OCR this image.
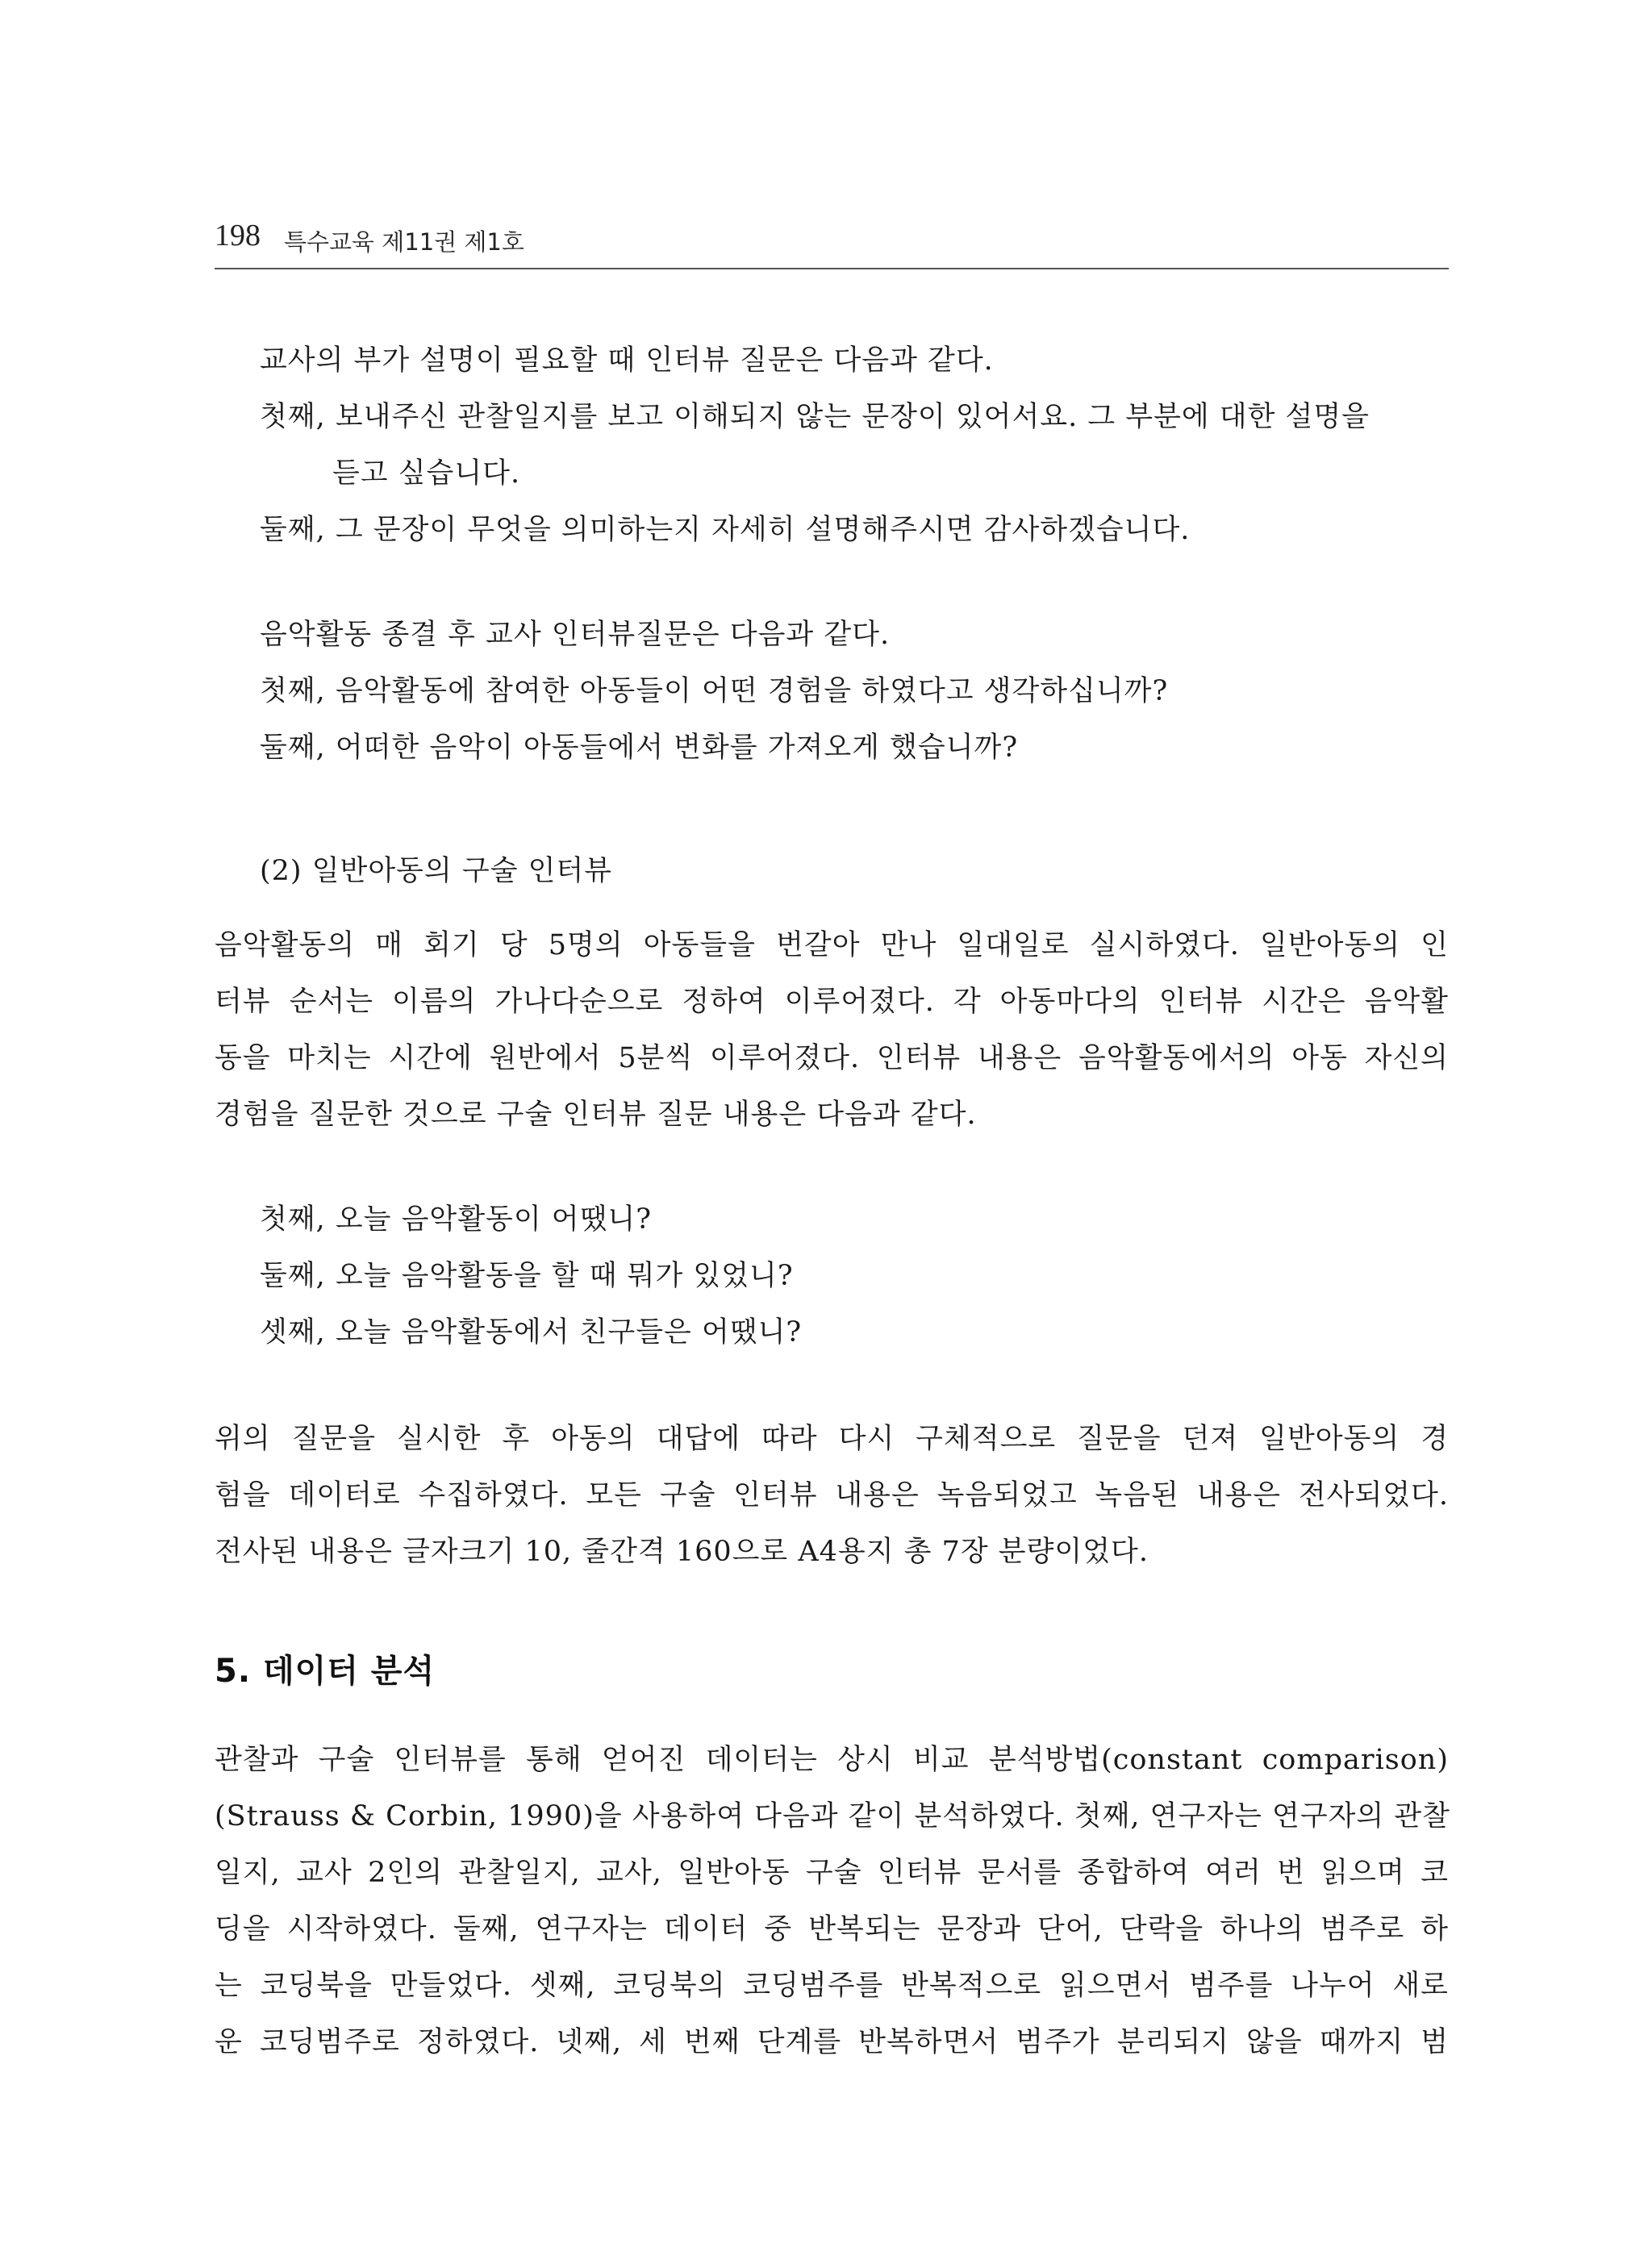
198 특수교육 제11권 제1호
교사의 부가 설명이 필요할 때 인터뷰 질문은 다음과 같다.
첫째, 보내주신 관찰일지를 보고 이해되지 않는 문장이 있어서요. 그 부분에 대한 설명을
듣고 싶습니다.
둘째, 그 문장이 무엇을 의미하는지 자세히 설명해주시면 감사하겠습니다.
음악활동 종결 후 교사 인터뷰질문은 다음과 같다.
첫째, 음악활동에 참여한 아동들이 어떤 경험을 하였다고 생각하십니까?
둘째, 어떠한 음악이 아동들에서 변화를 가져오게 했습니까?
(2) 일반아동의 구술 인터뷰
음악활동의 매 회기 당 5명의 아동들을 번갈아 만나 일대일로 실시하였다. 일반아동의 인
터뷰 순서는 이름의 가나다순으로 정하여 이루어졌다. 각 아동마다의 인터뷰 시간은 음악활
동을 마치는 시간에 원반에서 5분씩 이루어졌다. 인터뷰 내용은 음악활동에서의 아동 자신의
경험을 질문한 것으로 구술 인터뷰 질문 내용은 다음과 같다.
첫째, 오늘 음악활동이 어땠니?
둘째, 오늘 음악활동을 할 때 뭐가 있었니?
셋째, 오늘 음악활동에서 친구들은 어땠니?
위의 질문을 실시한 후 아동의 대답에 따라 다시 구체적으로 질문을 던져 일반아동의 경
험을 데이터로 수집하였다. 모든 구술 인터뷰 내용은 녹음되었고 녹음된 내용은 전사되었다.
전사된 내용은 글자크기 10, 줄간격 160으로 A4용지 총 7장 분량이었다.
5. 데이터 분석
관찰과 구술 인터뷰를 통해 얻어진 데이터는 상시 비교 분석방법(constant comparison)
(Strauss & Corbin, 1990)을 사용하여 다음과 같이 분석하였다. 첫째, 연구자는 연구자의 관찰
일지, 교사 2인의 관찰일지, 교사, 일반아동 구술 인터뷰 문서를 종합하여 여러 번 읽으며 코
딩을 시작하였다. 둘째, 연구자는 데이터 중 반복되는 문장과 단어, 단락을 하나의 범주로 하
는 코딩북을 만들었다. 셋째, 코딩북의 코딩범주를 반복적으로 읽으면서 범주를 나누어 새로
운 코딩범주로 정하였다. 넷째, 세 번째 단계를 반복하면서 범주가 분리되지 않을 때까지 범
